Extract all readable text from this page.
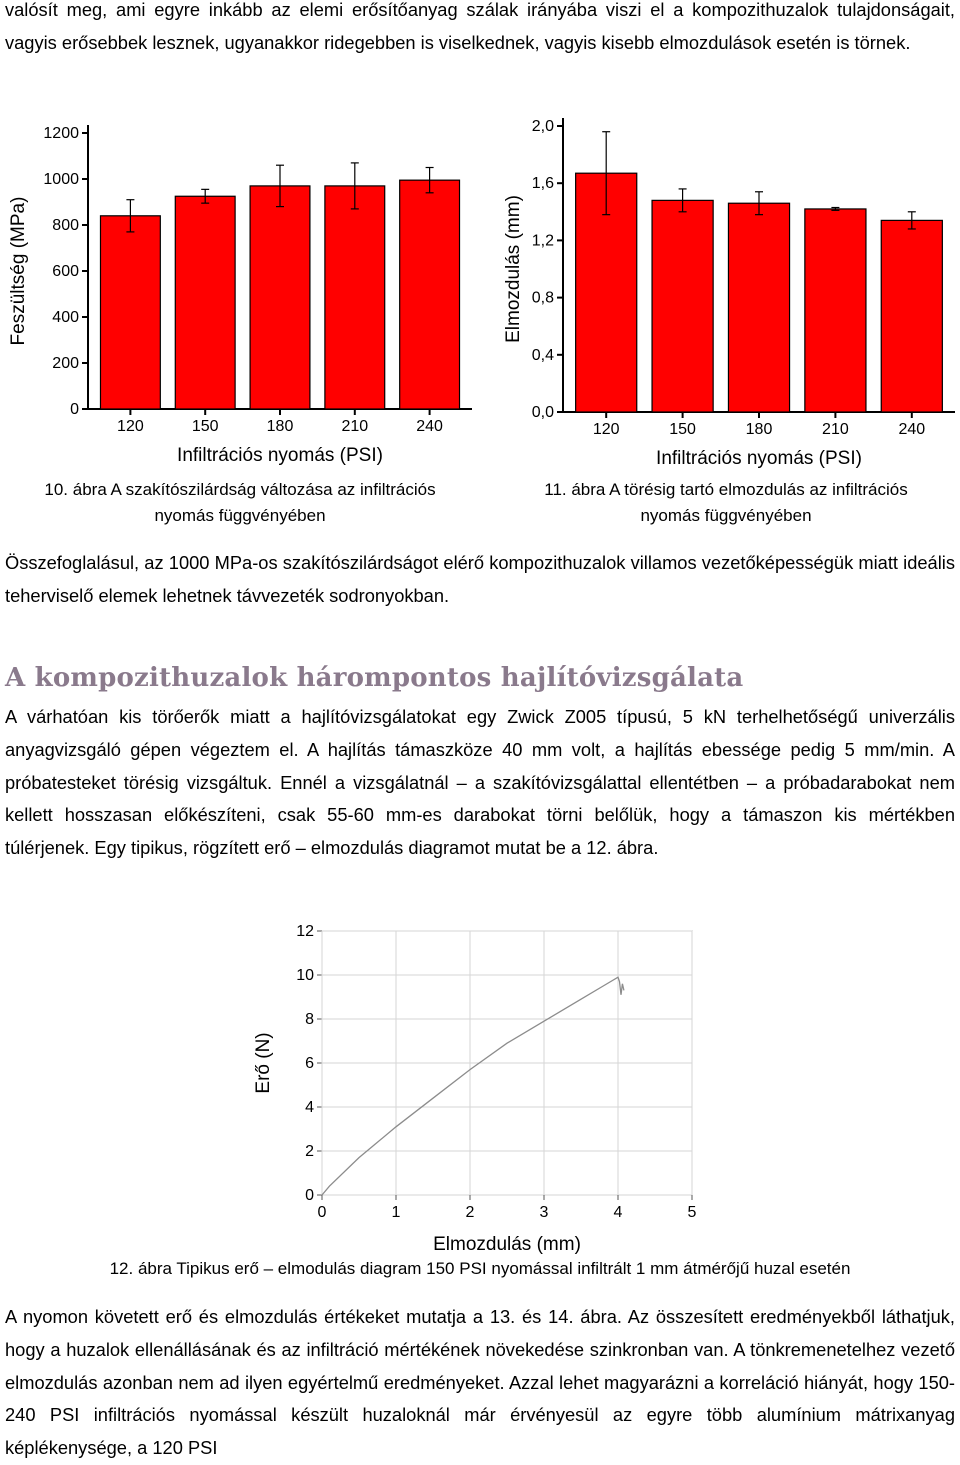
valósít meg, ami egyre inkább az elemi erősítőanyag szálak irányába viszi el a kompozithuzalok tulajdonságait, vagyis erősebbek lesznek, ugyanakkor ridegebben is viselkednek, vagyis kisebb elmozdulások esetén is törnek.

0
200
400
600
800
1000
1200
120	150	180	210	240
Infiltrációs nyomás (PSI)
Feszültség (MPa)

10. ábra A szakítószilárdság változása az infiltrációs
nyomás függvényében

0,0
0,4
0,8
1,2
1,6
2,0
120	150	180	210	240
Infiltrációs nyomás (PSI)
Elmozdulás (mm)

11. ábra A törésig tartó elmozdulás az infiltrációs
nyomás függvényében

Összefoglalásul, az 1000 MPa-os szakítószilárdságot elérő kompozithuzalok villamos vezetőképességük miatt ideális teherviselő elemek lehetnek távvezeték sodronyokban.

A kompozithuzalok hárompontos hajlítóvizsgálata

A várhatóan kis törőerők miatt a hajlítóvizsgálatokat egy Zwick Z005 típusú, 5 kN terhelhetőségű univerzális anyagvizsgáló gépen végeztem el. A hajlítás támaszköze 40 mm volt, a hajlítás ebessége pedig 5 mm/min. A próbatesteket törésig vizsgáltuk. Ennél a vizsgálatnál – a szakítóvizsgálattal ellentétben – a próbadarabokat nem kellett hosszasan előkészíteni, csak 55-60 mm-es darabokat törni belőlük, hogy a támaszon kis mértékben túlérjenek. Egy tipikus, rögzített erő – elmozdulás diagramot mutat be a 12. ábra.

0
2
4
6
8
10
12
0	1	2	3	4	5
Elmozdulás (mm)
Erő (N)

12. ábra Tipikus erő – elmodulás diagram 150 PSI nyomással infiltrált 1 mm átmérőjű huzal esetén

A nyomon követett erő és elmozdulás értékeket mutatja a 13. és 14. ábra. Az összesített eredményekből láthatjuk, hogy a huzalok ellenállásának és az infiltráció mértékének növekedése szinkronban van. A tönkremenetelhez vezető elmozdulás azonban nem ad ilyen egyértelmű eredményeket. Azzal lehet magyarázni a korreláció hiányát, hogy 150-240 PSI infiltrációs nyomással készült huzaloknál már érvényesül az egyre több alumínium mátrixanyag képlékenysége, a 120 PSI
